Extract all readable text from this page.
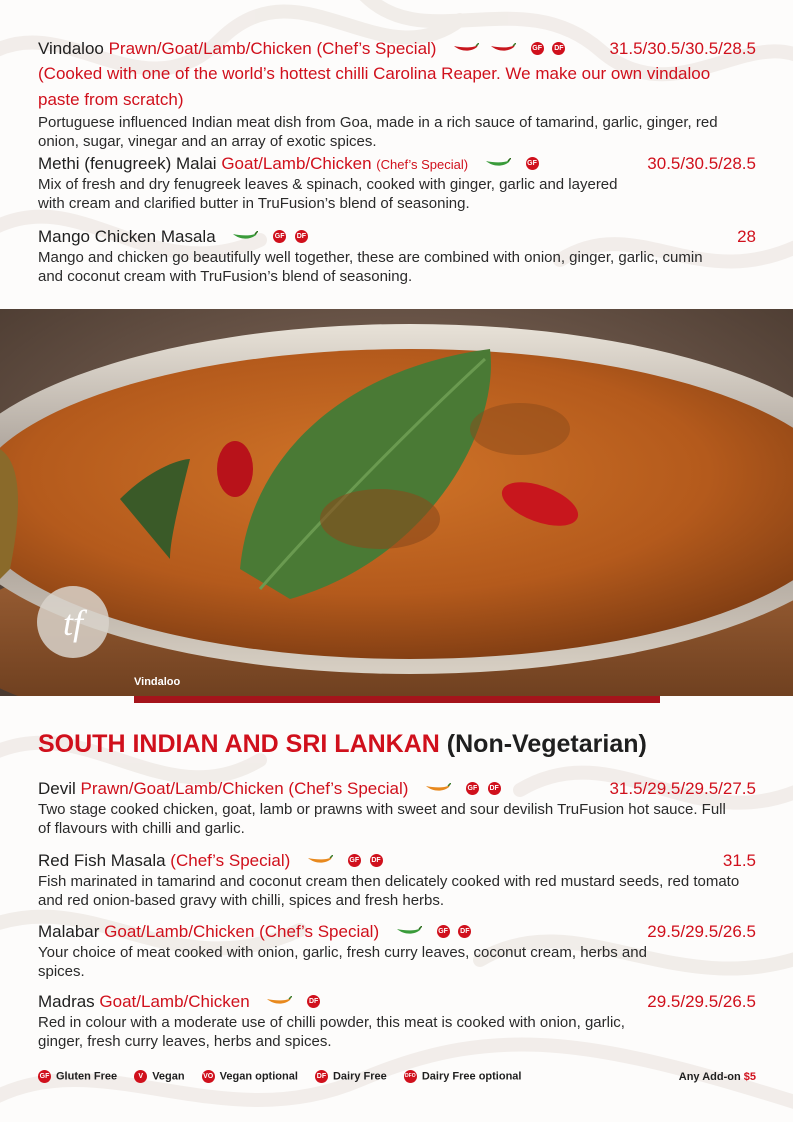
Vindaloo Prawn/Goat/Lamb/Chicken (Chef’s Special)	GF DF	31.5/30.5/30.5/28.5
(Cooked with one of the world’s hottest chilli Carolina Reaper. We make our own vindaloo paste from scratch)
Portuguese influenced Indian meat dish from Goa, made in a rich sauce of tamarind, garlic, ginger, red onion, sugar, vinegar and an array of exotic spices.
Methi (fenugreek) Malai Goat/Lamb/Chicken (Chef’s Special)	GF	30.5/30.5/28.5
Mix of fresh and dry fenugreek leaves & spinach, cooked with ginger, garlic and layered with cream and clarified butter in TruFusion’s blend of seasoning.
Mango Chicken Masala	GF DF	28
Mango and chicken go beautifully well together, these are combined with onion, ginger, garlic, cumin and coconut cream with TruFusion’s blend of seasoning.
tf
Vindaloo
SOUTH INDIAN AND SRI LANKAN (Non-Vegetarian)
Devil Prawn/Goat/Lamb/Chicken (Chef’s Special)	GF DF	31.5/29.5/29.5/27.5
Two stage cooked chicken, goat, lamb or prawns with sweet and sour devilish TruFusion hot sauce. Full of flavours with chilli and garlic.
Red Fish Masala (Chef’s Special)	GF DF	31.5
Fish marinated in tamarind and coconut cream then delicately cooked with red mustard seeds, red tomato and red onion-based gravy with chilli, spices and fresh herbs.
Malabar Goat/Lamb/Chicken (Chef’s Special)	GF DF	29.5/29.5/26.5
Your choice of meat cooked with onion, garlic, fresh curry leaves, coconut cream, herbs and spices.
Madras Goat/Lamb/Chicken	DF	29.5/29.5/26.5
Red in colour with a moderate use of chilli powder, this meat is cooked with onion, garlic, ginger, fresh curry leaves, herbs and spices.
GF Gluten Free	V Vegan	VO Vegan optional	DF Dairy Free	DFO Dairy Free optional	Any Add-on $5
